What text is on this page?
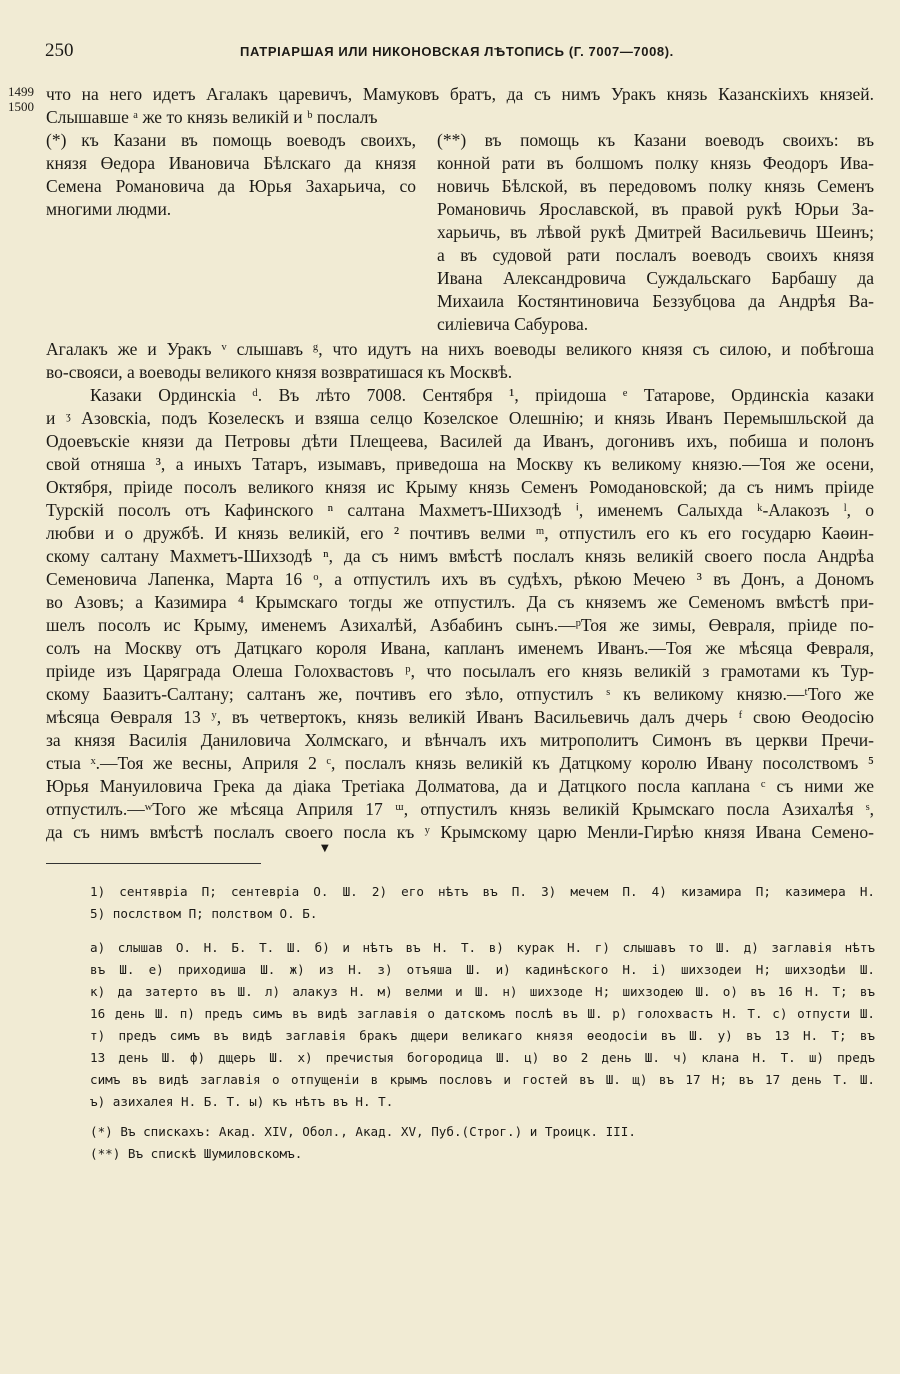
250	ПАТРІАРШАЯ ИЛИ НИКОНОВСКАЯ ЛѢТОПИСЬ (Г. 7007—7008).
1499
1500
что на него идетъ Агалакъ царевичъ, Мамуковъ братъ, да съ нимъ Уракъ князь Казанскiихъ князей.
Слышавше ᵃ же то князь великiй и ᵇ послалъ
(*) къ Казани въ помощь воеводъ своихъ,
князя Өедора Ивановича Бѣлскаго да князя
Семена Романовича да Юрья Захарьича, со
многими людми.
(**) въ помощь къ Казани воеводъ своихъ: въ
конной рати въ болшомъ полку князь Феодоръ Ива-
новичь Бѣлской, въ передовомъ полку князь Семенъ
Романовичь Ярославской, въ правой рукѣ Юрьи За-
харьичь, въ лѣвой рукѣ Дмитрей Васильевичь Шеинъ;
а въ судовой рати послалъ воеводъ своихъ князя
Ивана Александровича Суждальскаго Барбашу да
Михаила Костянтиновича Беззубцова да Андрѣя Ва-
силiевича Сабурова.
Агалакъ же и Уракъ ᵛ слышавъ ᵍ, что идутъ на нихъ воеводы великого князя съ силою, и побѣгоша
во-свояси, а воеводы великого князя возвратишася къ Москвѣ.
Казаки Ординскiа ᵈ. Въ лѣто 7008. Сентября ¹, прiидоша ᵉ Татарове, Ординскiа казаки
и ᶾ Азовскiа, подъ Козелескъ и взяша селцо Козелское Олешнiю; и князь Иванъ Перемышльской да
Одоевъскiе князи да Петровы дѣти Плещеева, Василей да Иванъ, догонивъ ихъ, побиша и полонъ
свой отняша ³, а иныхъ Татаръ, изымавъ, приведоша на Москву къ великому князю.—Тоя же осени,
Октября, прiиде посолъ великого князя ис Крыму князь Семенъ Ромодановской; да съ нимъ прiиде
Турскiй посолъ отъ Кафинского ⁿ салтана Махметъ-Шихзодѣ ⁱ, именемъ Салыхда ᵏ-Алакозъ ˡ, о
любви и о дружбѣ. И князь великiй, его ² почтивъ велми ᵐ, отпустилъ его къ его государю Каөин-
скому салтану Махметъ-Шихзодѣ ⁿ, да съ нимъ вмѣстѣ послалъ князь великiй своего посла Андрѣа
Семеновича Лапенка, Марта 16 ᵒ, а отпустилъ ихъ въ судѣхъ, рѣкою Мечею ³ въ Донъ, а Дономъ
во Азовъ; а Казимира ⁴ Крымскаго тогды же отпустилъ. Да съ княземъ же Семеномъ вмѣстѣ при-
шелъ посолъ ис Крыму, именемъ Азихалѣй, Азбабинъ сынъ.—ᵖТоя же зимы, Өевраля, прiиде по-
солъ на Москву отъ Датцкаго короля Ивана, капланъ именемъ Иванъ.—Тоя же мѣсяца Февраля,
прiиде изъ Царяграда Олеша Голохвастовъ ᵖ, что посылалъ его князь великiй з грамотами къ Тур-
скому Баазитъ-Салтану; салтанъ же, почтивъ его зѣло, отпустилъ ˢ къ великому князю.—ᵗТого же
мѣсяца Өевраля 13 ʸ, въ четвертокъ, князь великiй Иванъ Васильевичь далъ дчерь ᶠ свою Өеодосiю
за князя Василiя Даниловича Холмскаго, и вѣнчалъ ихъ митрополитъ Симонъ въ церкви Пречи-
стыа ˣ.—Тоя же весны, Априля 2 ᶜ, послалъ князь великiй къ Датцкому королю Ивану посолствомъ ⁵
Юрья Мануиловича Грека да дiака Третiака Долматова, да и Датцкого посла каплана ᶜ съ ними же
отпустилъ.—ʷТого же мѣсяца Априля 17 ᵚ, отпустилъ князь великiй Крымскаго посла Азихалѣя ˢ,
да съ нимъ вмѣстѣ послалъ своего посла къ ʸ Крымскому царю Менли-Гирѣю князя Ивана Семено-
▼
1) сентявріа П; сентевріа О. Ш. 2) его нѣтъ въ П. 3) мечем П. 4) кизамира П; казимера Н.
5) послством П; полством О. Б.
а) слышав О. Н. Б. Т. Ш. б) и нѣтъ въ Н. Т. в) курак Н. г) слышавъ то Ш. д) заглавія нѣтъ
въ Ш. е) приходиша Ш. ж) из Н. з) отъяша Ш. и) кадинѣского Н. і) шихзодеи Н; шихзодѣи Ш.
к) да затерто въ Ш. л) алакуз Н. м) велми и Ш. н) шихзоде Н; шихзодею Ш. о) въ 16 Н. Т; въ
16 день Ш. п) предъ симъ въ видѣ заглавія о датскомъ послѣ въ Ш. р) голохвастъ Н. Т. с) отпусти Ш.
т) предъ симъ въ видѣ заглавія бракъ дщери великаго князя өеодосіи въ Ш. у) въ 13 Н. Т; въ
13 день Ш. ф) дщерь Ш. х) пречистыя богородица Ш. ц) во 2 день Ш. ч) клана Н. Т. ш) предъ
симъ въ видѣ заглавія о отпущеніи в крымъ пословъ и гостей въ Ш. щ) въ 17 Н; въ 17 день Т. Ш.
ъ) азихалея Н. Б. Т. ы) къ нѣтъ въ Н. Т.
(*) Въ спискахъ: Акад. XIV, Обол., Акад. XV, Пуб.(Строг.) и Троицк. III.
(**) Въ спискѣ Шумиловскомъ.
